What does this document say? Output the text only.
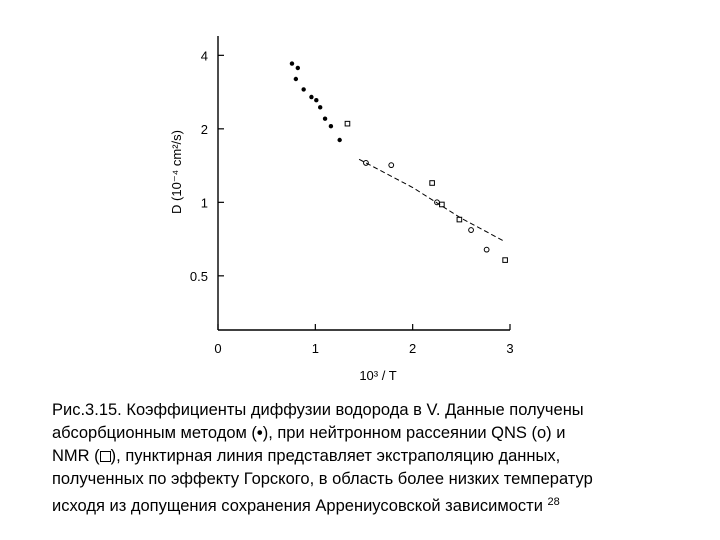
0	1	2	3
0.5
1
2
4
D (10⁻⁴ cm²/s)
10³ / T
Рис.3.15. Коэффициенты диффузии водорода в V. Данные получены
абсорбционным методом (•), при нейтронном рассеянии QNS (o) и
NMR ( ), пунктирная линия представляет экстраполяцию данных,
полученных по эффекту Горского, в область более низких температур
исходя из допущения сохранения Аррениусовской зависимости $^{28}$
